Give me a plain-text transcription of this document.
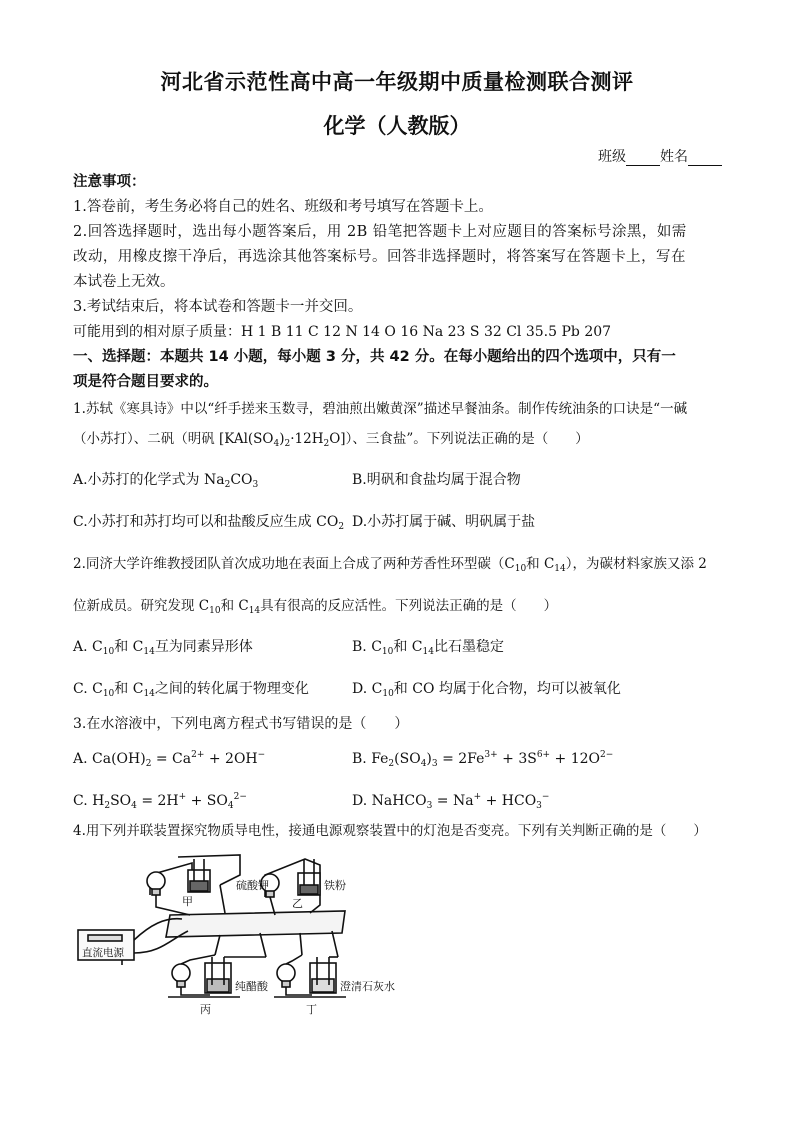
河北省示范性高中高一年级期中质量检测联合测评
化学（人教版）
班级 姓名
注意事项：
1.答卷前，考生务必将自己的姓名、班级和考号填写在答题卡上。
2.回答选择题时，选出每小题答案后，用 2B 铅笔把答题卡上对应题目的答案标号涂黑，如需
改动，用橡皮擦干净后，再选涂其他答案标号。回答非选择题时，将答案写在答题卡上，写在
本试卷上无效。
3.考试结束后，将本试卷和答题卡一并交回。
可能用到的相对原子质量：H 1 B 11 C 12 N 14 O 16 Na 23 S 32 Cl 35.5 Pb 207
一、选择题：本题共 14 小题，每小题 3 分，共 42 分。在每小题给出的四个选项中，只有一
项是符合题目要求的。
1.苏轼《寒具诗》中以“纤手搓来玉数寻，碧油煎出嫩黄深”描述早餐油条。制作传统油条的口诀是“一碱
（小苏打）、二矾（明矾 $[KAl(SO_4)_2\cdot 12H_2O]$）、三食盐”。下列说法正确的是（　　）
A.小苏打的化学式为 $Na_2CO_3$	B.明矾和食盐均属于混合物
C.小苏打和苏打均可以和盐酸反应生成 $CO_2$ D.小苏打属于碱、明矾属于盐
2.同济大学许维教授团队首次成功地在表面上合成了两种芳香性环型碳（$C_{10}$和 $C_{14}$），为碳材料家族又添 2
位新成员。研究发现 $C_{10}$和 $C_{14}$具有很高的反应活性。下列说法正确的是（　　）
A. $C_{10}$和 $C_{14}$互为同素异形体	B. $C_{10}$和 $C_{14}$比石墨稳定
C. $C_{10}$和 $C_{14}$之间的转化属于物理变化	D. $C_{10}$和 CO 均属于化合物，均可以被氧化
3.在水溶液中，下列电离方程式书写错误的是（　　）
A. $Ca(OH)_2 = Ca^{2+} + 2OH^-$	B. $Fe_2(SO_4)_3 = 2Fe^{3+} + 3S^{6+} + 12O^{2-}$
C. $H_2SO_4 = 2H^+ + SO_4^{2-}$	D. NaHCO$_3$ = $Na^+ + HCO_3^-$
4.用下列并联装置探究物质导电性，接通电源观察装置中的灯泡是否变亮。下列有关判断正确的是（　　）
硫酸钾	铁粉
纯醋酸	澄清石灰水
甲	乙
丙	丁
直流电源
